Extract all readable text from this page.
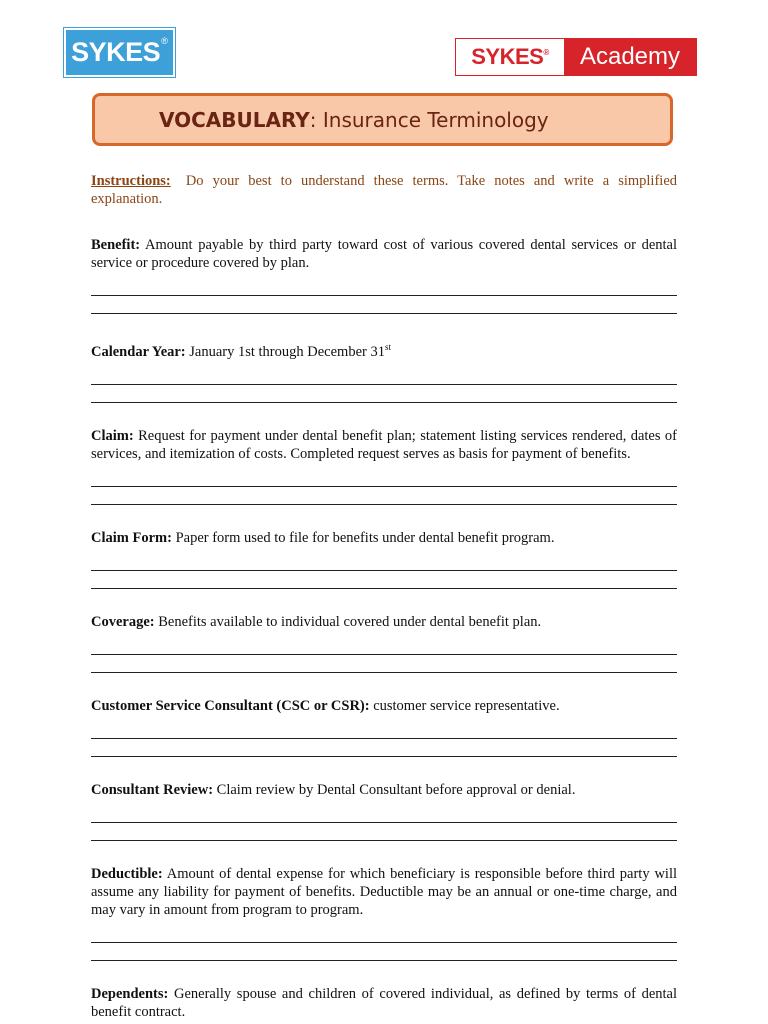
SYKES®
SYKES®	Academy
VOCABULARY : Insurance Terminology
Instructions: Do your best to understand these terms. Take notes and write a simplified explanation.
Benefit: Amount payable by third party toward cost of various covered dental services or dental service or procedure covered by plan.
Calendar Year: January 1st through December 31st
Claim: Request for payment under dental benefit plan; statement listing services rendered, dates of services, and itemization of costs. Completed request serves as basis for payment of benefits.
Claim Form: Paper form used to file for benefits under dental benefit program.
Coverage: Benefits available to individual covered under dental benefit plan.
Customer Service Consultant (CSC or CSR): customer service representative.
Consultant Review: Claim review by Dental Consultant before approval or denial.
Deductible: Amount of dental expense for which beneficiary is responsible before third party will assume any liability for payment of benefits. Deductible may be an annual or one-time charge, and may vary in amount from program to program.
Dependents: Generally spouse and children of covered individual, as defined by terms of dental benefit contract.
